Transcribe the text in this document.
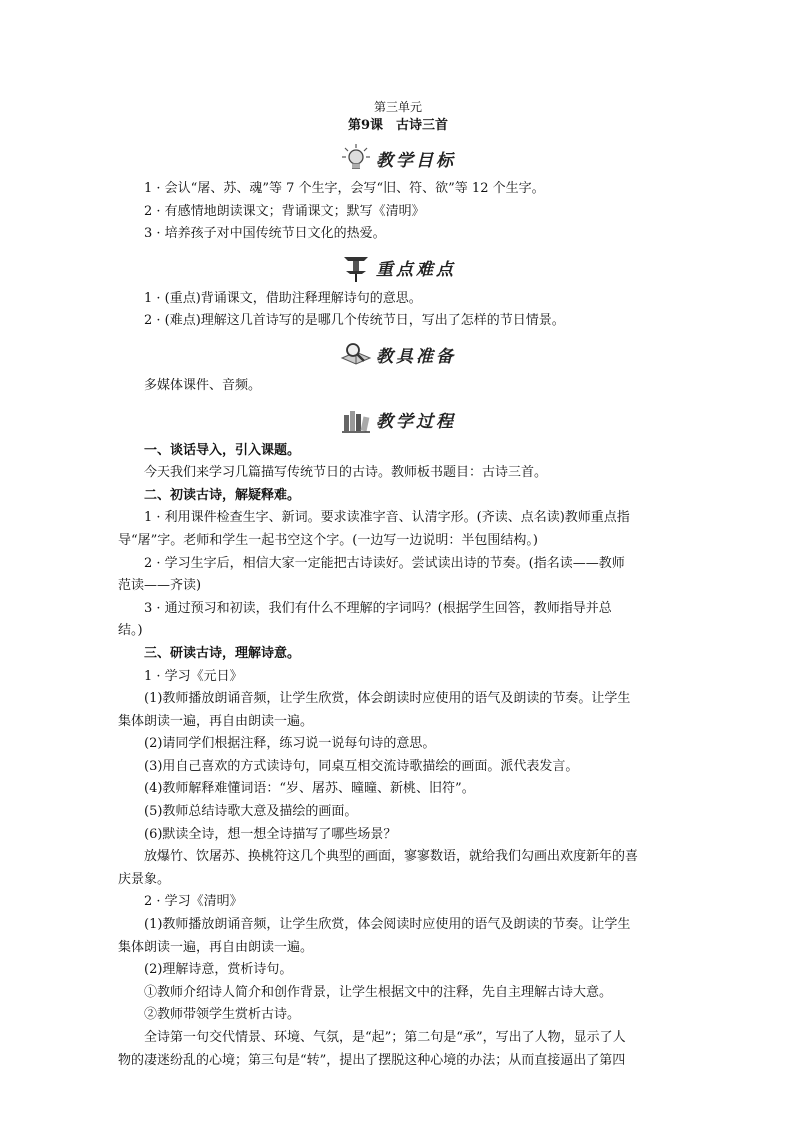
第三单元
第9课　古诗三首
教学目标
1 · 会认“屠、苏、魂”等 7 个生字，会写“旧、符、欲”等 12 个生字。
2 · 有感情地朗读课文；背诵课文；默写《清明》
3 · 培养孩子对中国传统节日文化的热爱。
重点难点
1 · (重点)背诵课文，借助注释理解诗句的意思。
2 · (难点)理解这几首诗写的是哪几个传统节日，写出了怎样的节日情景。
教具准备
多媒体课件、音频。
教学过程
一、谈话导入，引入课题。
今天我们来学习几篇描写传统节日的古诗。教师板书题目：古诗三首。
二、初读古诗，解疑释难。
1 · 利用课件检查生字、新词。要求读准字音、认清字形。(齐读、点名读)教师重点指
导“屠”字。老师和学生一起书空这个字。(一边写一边说明：半包围结构。)
2 · 学习生字后，相信大家一定能把古诗读好。尝试读出诗的节奏。(指名读——教师
范读——齐读)
3 · 通过预习和初读，我们有什么不理解的字词吗？(根据学生回答，教师指导并总
结。)
三、研读古诗，理解诗意。
1 · 学习《元日》
(1)教师播放朗诵音频，让学生欣赏，体会朗读时应使用的语气及朗读的节奏。让学生
集体朗读一遍，再自由朗读一遍。
(2)请同学们根据注释，练习说一说每句诗的意思。
(3)用自己喜欢的方式读诗句，同桌互相交流诗歌描绘的画面。派代表发言。
(4)教师解释难懂词语：“岁、屠苏、曈曈、新桃、旧符”。
(5)教师总结诗歌大意及描绘的画面。
(6)默读全诗，想一想全诗描写了哪些场景？
放爆竹、饮屠苏、换桃符这几个典型的画面，寥寥数语，就给我们勾画出欢度新年的喜
庆景象。
2 · 学习《清明》
(1)教师播放朗诵音频，让学生欣赏，体会阅读时应使用的语气及朗读的节奏。让学生
集体朗读一遍，再自由朗读一遍。
(2)理解诗意，赏析诗句。
①教师介绍诗人简介和创作背景，让学生根据文中的注释，先自主理解古诗大意。
②教师带领学生赏析古诗。
全诗第一句交代情景、环境、气氛，是“起”；第二句是“承”，写出了人物，显示了人
物的凄迷纷乱的心境；第三句是“转”，提出了摆脱这种心境的办法；从而直接逼出了第四
